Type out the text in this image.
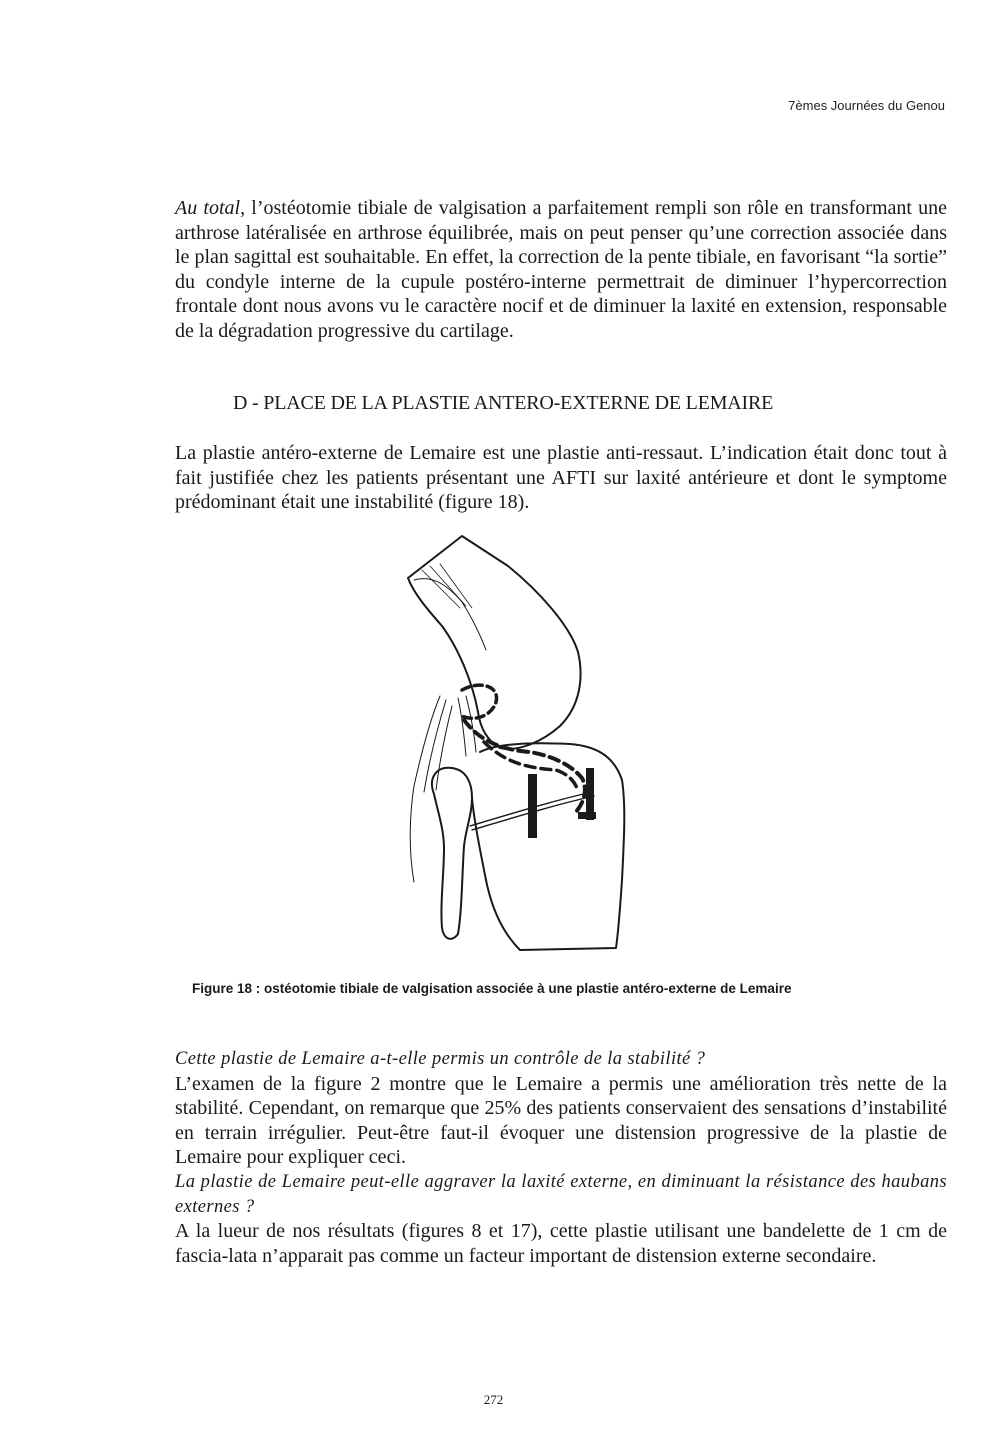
7èmes Journées du Genou

Au total, l’ostéotomie tibiale de valgisation a parfaitement rempli son rôle en transformant une arthrose latéralisée en arthrose équilibrée, mais on peut penser qu’une correction associée dans le plan sagittal est souhaitable. En effet, la correction de la pente tibiale, en favorisant “la sortie” du condyle interne de la cupule postéro-interne permettrait de diminuer l’hypercorrection frontale dont nous avons vu le caractère nocif et de diminuer la laxité en extension, responsable de la dégradation progressive du cartilage.

D - PLACE DE LA PLASTIE ANTERO-EXTERNE DE LEMAIRE

La plastie antéro-externe de Lemaire est une plastie anti-ressaut. L’indication était donc tout à fait justifiée chez les patients présentant une AFTI sur laxité antérieure et dont le symptome prédominant était une instabilité (figure 18).

Figure 18 : ostéotomie tibiale de valgisation associée à une plastie antéro-externe de Lemaire

Cette plastie de Lemaire a-t-elle permis un contrôle de la stabilité ?

L’examen de la figure 2 montre que le Lemaire a permis une amélioration très nette de la stabilité. Cependant, on remarque que 25% des patients conservaient des sensations d’instabilité en terrain irrégulier. Peut-être faut-il évoquer une distension progressive de la plastie de Lemaire pour expliquer ceci.

La plastie de Lemaire peut-elle aggraver la laxité externe, en diminuant la résistance des haubans externes ?

A la lueur de nos résultats (figures 8 et 17), cette plastie utilisant une bandelette de 1 cm de fascia-lata n’apparait pas comme un facteur important de distension externe secondaire.

272
